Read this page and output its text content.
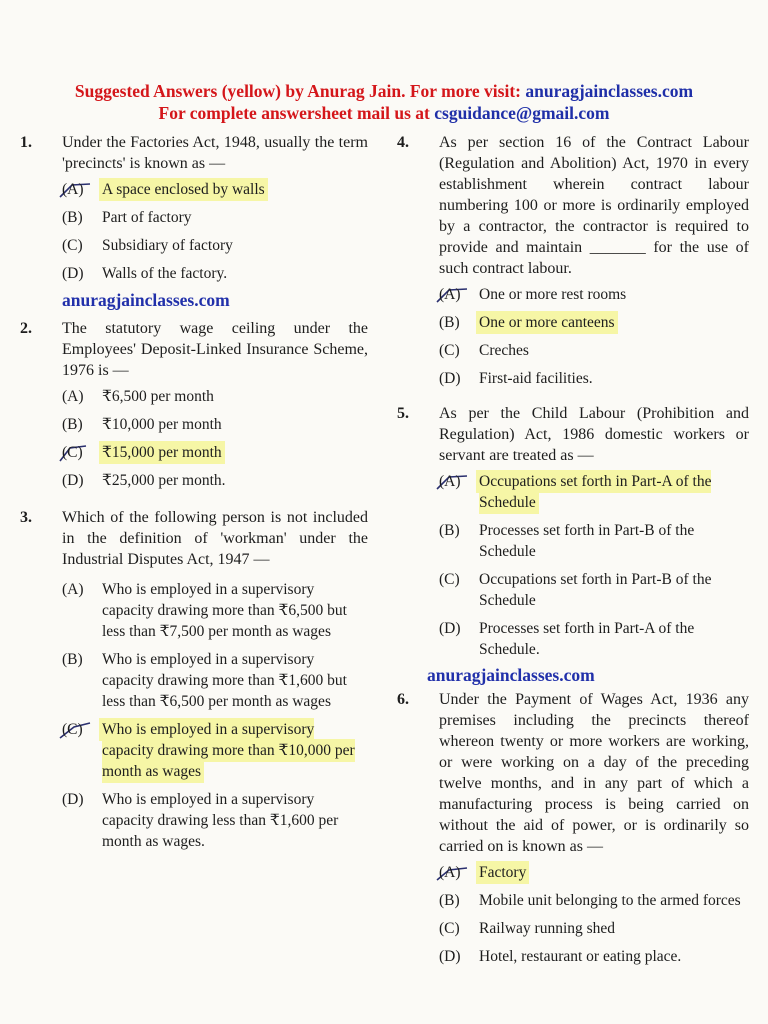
Suggested Answers (yellow) by Anurag Jain. For more visit: anuragjainclasses.com
For complete answersheet mail us at csguidance@gmail.com
1. Under the Factories Act, 1948, usually the term 'precincts' is known as —
(A) A space enclosed by walls
(B) Part of factory
(C) Subsidiary of factory
(D) Walls of the factory.
anuragjainclasses.com
2. The statutory wage ceiling under the Employees' Deposit-Linked Insurance Scheme, 1976 is —
(A) ₹6,500 per month
(B) ₹10,000 per month
(C) ₹15,000 per month
(D) ₹25,000 per month.
3. Which of the following person is not included in the definition of 'workman' under the Industrial Disputes Act, 1947 —
(A) Who is employed in a supervisory capacity drawing more than ₹6,500 but less than ₹7,500 per month as wages
(B) Who is employed in a supervisory capacity drawing more than ₹1,600 but less than ₹6,500 per month as wages
(C) Who is employed in a supervisory capacity drawing more than ₹10,000 per month as wages
(D) Who is employed in a supervisory capacity drawing less than ₹1,600 per month as wages.
4. As per section 16 of the Contract Labour (Regulation and Abolition) Act, 1970 in every establishment wherein contract labour numbering 100 or more is ordinarily employed by a contractor, the contractor is required to provide and maintain _______ for the use of such contract labour.
(A) One or more rest rooms
(B) One or more canteens
(C) Creches
(D) First-aid facilities.
5. As per the Child Labour (Prohibition and Regulation) Act, 1986 domestic workers or servant are treated as —
(A) Occupations set forth in Part-A of the Schedule
(B) Processes set forth in Part-B of the Schedule
(C) Occupations set forth in Part-B of the Schedule
(D) Processes set forth in Part-A of the Schedule.
anuragjainclasses.com
6. Under the Payment of Wages Act, 1936 any premises including the precincts thereof whereon twenty or more workers are working, or were working on a day of the preceding twelve months, and in any part of which a manufacturing process is being carried on without the aid of power, or is ordinarily so carried on is known as —
(A) Factory
(B) Mobile unit belonging to the armed forces
(C) Railway running shed
(D) Hotel, restaurant or eating place.
